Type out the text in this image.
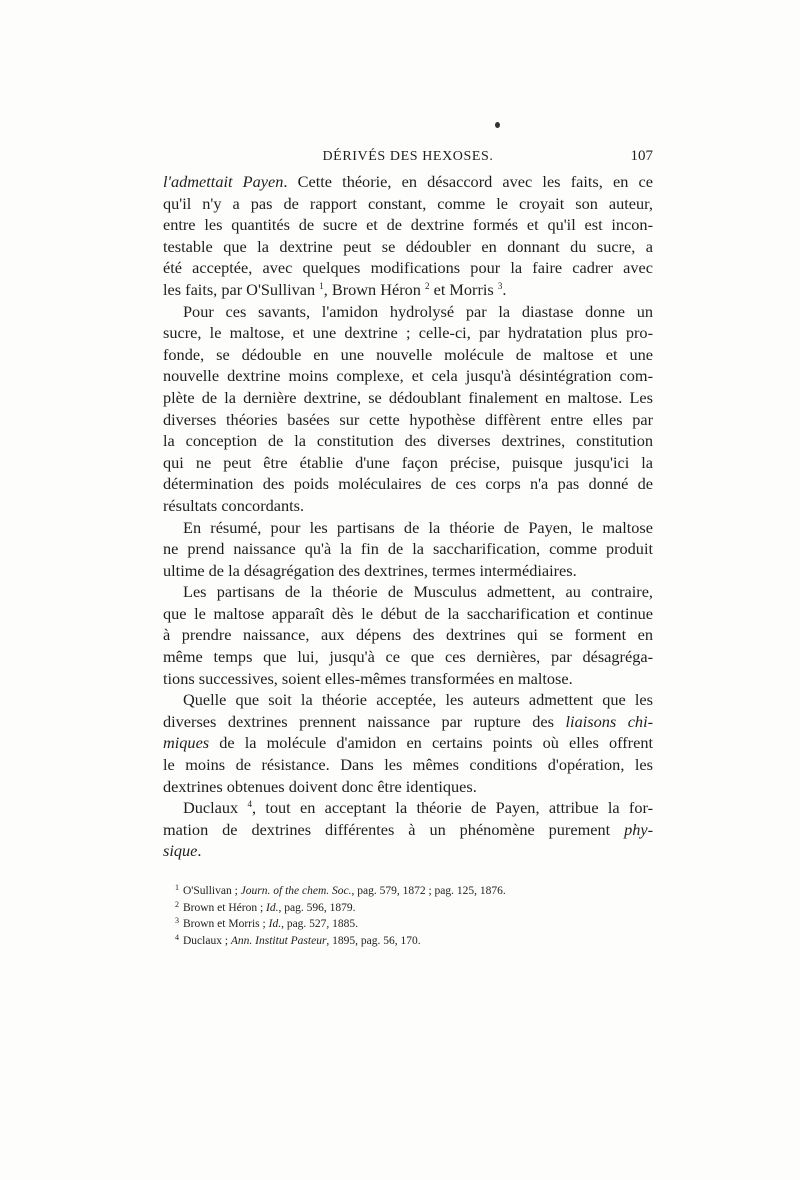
DÉRIVÉS DES HEXOSES.	107
l'admettait Payen. Cette théorie, en désaccord avec les faits, en ce
qu'il n'y a pas de rapport constant, comme le croyait son auteur,
entre les quantités de sucre et de dextrine formés et qu'il est incon-
testable que la dextrine peut se dédoubler en donnant du sucre, a
été acceptée, avec quelques modifications pour la faire cadrer avec
les faits, par O'Sullivan $^1$, Brown Héron $^2$ et Morris $^3$.
Pour ces savants, l'amidon hydrolysé par la diastase donne un
sucre, le maltose, et une dextrine ; celle-ci, par hydratation plus pro-
fonde, se dédouble en une nouvelle molécule de maltose et une
nouvelle dextrine moins complexe, et cela jusqu'à désintégration com-
plète de la dernière dextrine, se dédoublant finalement en maltose. Les
diverses théories basées sur cette hypothèse diffèrent entre elles par
la conception de la constitution des diverses dextrines, constitution
qui ne peut être établie d'une façon précise, puisque jusqu'ici la
détermination des poids moléculaires de ces corps n'a pas donné de
résultats concordants.
En résumé, pour les partisans de la théorie de Payen, le maltose
ne prend naissance qu'à la fin de la saccharification, comme produit
ultime de la désagrégation des dextrines, termes intermédiaires.
Les partisans de la théorie de Musculus admettent, au contraire,
que le maltose apparaît dès le début de la saccharification et continue
à prendre naissance, aux dépens des dextrines qui se forment en
même temps que lui, jusqu'à ce que ces dernières, par désagréga-
tions successives, soient elles-mêmes transformées en maltose.
Quelle que soit la théorie acceptée, les auteurs admettent que les
diverses dextrines prennent naissance par rupture des liaisons chi-
miques de la molécule d'amidon en certains points où elles offrent
le moins de résistance. Dans les mêmes conditions d'opération, les
dextrines obtenues doivent donc être identiques.
Duclaux $^4$, tout en acceptant la théorie de Payen, attribue la for-
mation de dextrines différentes à un phénomène purement phy-
sique.
$^1$ O'Sullivan ; Journ. of the chem. Soc., pag. 579, 1872 ; pag. 125, 1876.
$^2$ Brown et Héron ; Id., pag. 596, 1879.
$^3$ Brown et Morris ; Id., pag. 527, 1885.
$^4$ Duclaux ; Ann. Institut Pasteur, 1895, pag. 56, 170.
